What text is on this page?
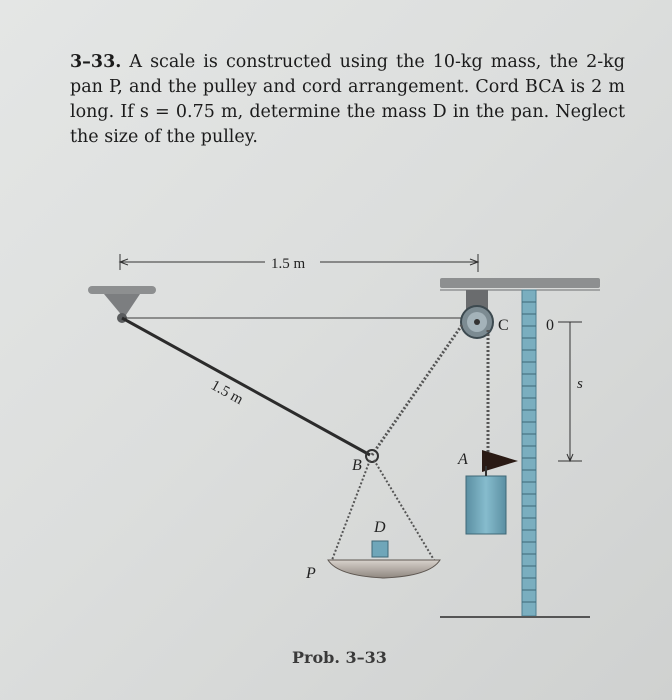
3–33. A scale is constructed using the 10-kg mass, the 2-kg pan P, and the pulley and cord arrangement. Cord BCA is 2 m long. If s = 0.75 m, determine the mass D in the pan. Neglect the size of the pulley.
1.5 m
C 0
s
1.5 m
A
B
D
P
Prob. 3–33
